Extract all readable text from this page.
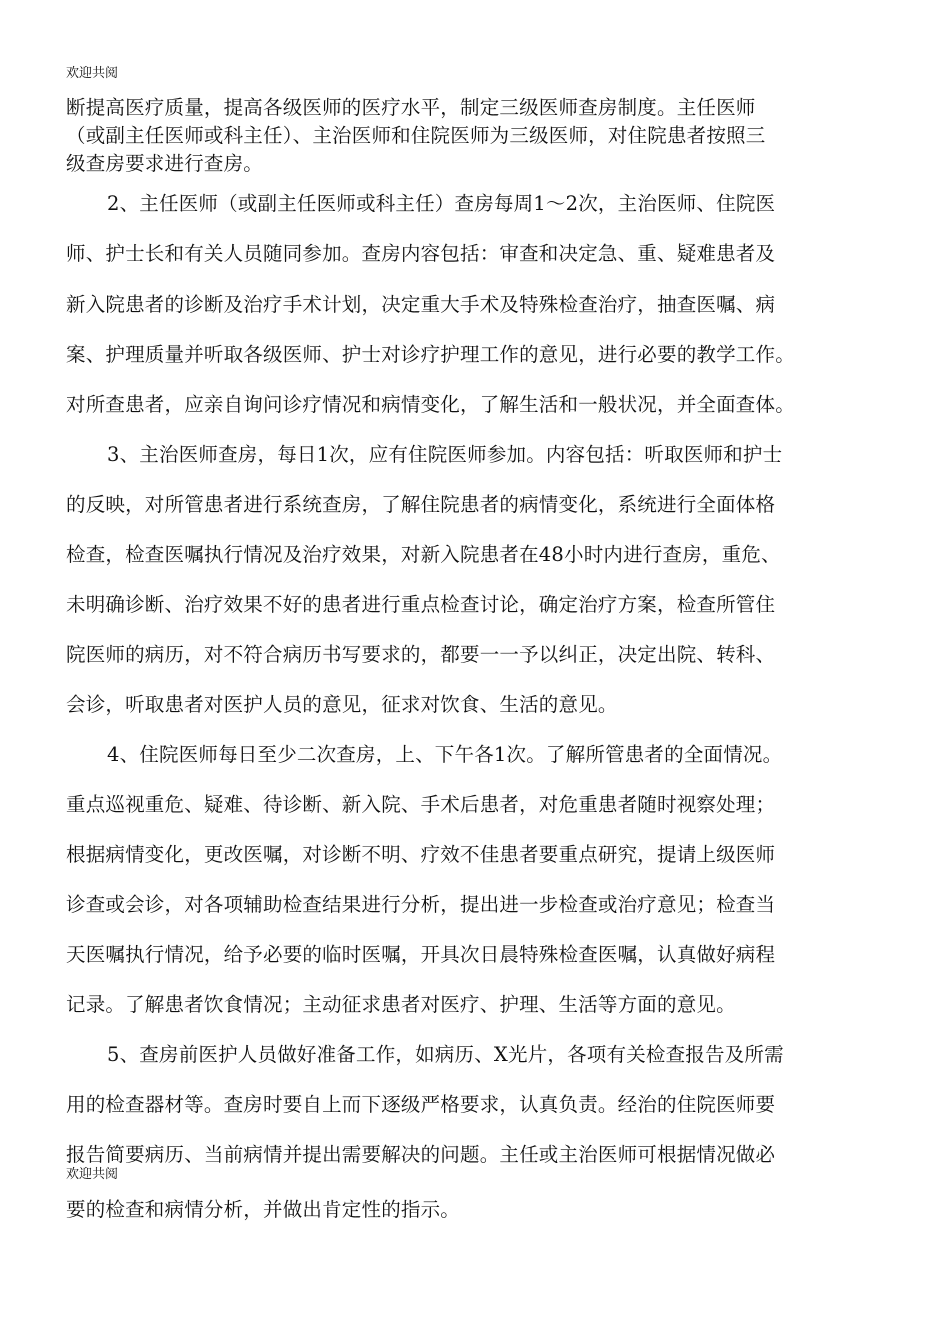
欢迎共阅
断提高医疗质量，提高各级医师的医疗水平，制定三级医师查房制度。主任医师
（或副主任医师或科主任）、主治医师和住院医师为三级医师，对住院患者按照三
级查房要求进行查房。
2、主任医师（或副主任医师或科主任）查房每周1～2次，主治医师、住院医
师、护士长和有关人员随同参加。查房内容包括：审查和决定急、重、疑难患者及
新入院患者的诊断及治疗手术计划，决定重大手术及特殊检查治疗，抽查医嘱、病
案、护理质量并听取各级医师、护士对诊疗护理工作的意见，进行必要的教学工作。
对所查患者，应亲自询问诊疗情况和病情变化，了解生活和一般状况，并全面查体。
3、主治医师查房，每日1次，应有住院医师参加。内容包括：听取医师和护士
的反映，对所管患者进行系统查房，了解住院患者的病情变化，系统进行全面体格
检查，检查医嘱执行情况及治疗效果，对新入院患者在48小时内进行查房，重危、
未明确诊断、治疗效果不好的患者进行重点检查讨论，确定治疗方案，检查所管住
院医师的病历，对不符合病历书写要求的，都要一一予以纠正，决定出院、转科、
会诊，听取患者对医护人员的意见，征求对饮食、生活的意见。
4、住院医师每日至少二次查房，上、下午各1次。了解所管患者的全面情况。
重点巡视重危、疑难、待诊断、新入院、手术后患者，对危重患者随时视察处理；
根据病情变化，更改医嘱，对诊断不明、疗效不佳患者要重点研究，提请上级医师
诊查或会诊，对各项辅助检查结果进行分析，提出进一步检查或治疗意见；检查当
天医嘱执行情况，给予必要的临时医嘱，开具次日晨特殊检查医嘱，认真做好病程
记录。了解患者饮食情况；主动征求患者对医疗、护理、生活等方面的意见。
5、查房前医护人员做好准备工作，如病历、X光片，各项有关检查报告及所需
用的检查器材等。查房时要自上而下逐级严格要求，认真负责。经治的住院医师要
报告简要病历、当前病情并提出需要解决的问题。主任或主治医师可根据情况做必
欢迎共阅
要的检查和病情分析，并做出肯定性的指示。
